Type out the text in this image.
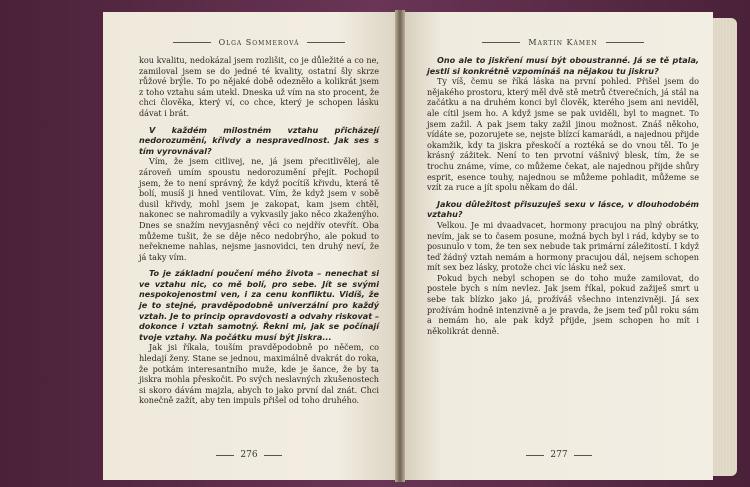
Olga Sommerová

kou kvalitu, nedokázal jsem rozlišit, co je důležité a co ne, zamiloval jsem se do jedné té kvality, ostatní šly skrze růžové brýle. To po nějaké době odezněło a kolikrát jsem z toho vztahu sám utekl. Dneska už vím na sto procent, že chci člověka, který ví, co chce, který je schopen lásku dávat i brát.

V každém milostném vztahu přicházejí nedorozumění, křivdy a nespravedlnost. Jak ses s tím vyrovnával?

Vím, že jsem citlivej, ne, já jsem přecitlivělej, ale zároveň umím spoustu nedorozumění přejít. Pochopil jsem, že to není správný, že když pocítíš křivdu, která tě bolí, musíš ji hned ventilovat. Vím, že když jsem v sobě dusil křivdy, mohl jsem je zakopat, kam jsem chtěl, nakonec se nahromadily a vykvasily jako něco zkaženýho. Dnes se snažím nevyjasněný věci co nejdřív otevřít. Oba můžeme tušit, že se děje něco nedobrýho, ale pokud to neřekneme nahlas, nejsme jasnovidci, ten druhý neví, že já taky vím.

To je základní poučení mého života – nenechat si ve vztahu nic, co mě bolí, pro sebe. Jít se svými nespokojenostmi ven, i za cenu konfliktu. Vidíš, že je to stejné, pravděpodobně univerzální pro každý vztah. Je to princip opravdovosti a odvahy riskovat – dokonce i vztah samotný. Řekni mi, jak se počínají tvoje vztahy. Na počátku musí být jiskra...

Jak jsi říkala, touším pravděpodobně po něčem, co hledají ženy. Stane se jednou, maximálně dvakrát do roka, že potkám interesantního muže, kde je šance, že by ta jiskra mohla přeskočit. Po svých neslavných zkušenostech si skoro dávám majzla, abych to jako první dal znát. Chci konečně zažít, aby ten impuls přišel od toho druhého.

276
Martin Kámen

Ono ale to jiskření musí být oboustranné. Já se tě ptala, jestli si konkrétně vzpomínáš na nějakou tu jiskru?

Ty víš, čemu se říká láska na první pohled. Přišel jsem do nějakého prostoru, který měl dvě stě metrů čtverečních, já stál na začátku a na druhém konci byl člověk, kterého jsem ani neviděl, ale cítil jsem ho. A když jsme se pak uviděli, byl to magnet. To jsem zažil. A pak jsem taky zažil jinou možnost. Znáš někoho, vídáte se, pozorujete se, nejste blízcí kamarádi, a najednou přijde okamžik, kdy ta jiskra přeskočí a roztéká se do vnou těl. To je krásný zážitek. Není to ten prvotní vášnivý blesk, tím, že se trochu známe, víme, co můžeme čekat, ale najednou přijde shůry esprit, esence touhy, najednou se můžeme pohladit, můžeme se vzít za ruce a jít spolu někam do dál.

Jakou důležitost přisuzuješ sexu v lásce, v dlouhodobém vztahu?

Velkou. Je mi dvaadvacet, hormony pracujou na plný obrátky, nevím, jak se to časem posune, možná bych byl i rád, kdyby se to posunulo v tom, že ten sex nebude tak primární záležitostí. I když teď žádný vztah nemám a hormony pracujou dál, nejsem schopen mít sex bez lásky, protože chci víc lásku než sex.

Pokud bych nebyl schopen se do toho muže zamilovat, do postele bych s ním nevlez. Jak jsem říkal, pokud zažiješ smrt u sebe tak blízko jako já, prožíváš všechno intenzivněji. Já sex prožívám hodně intenzivně a je pravda, že jsem teď půl roku sám a nemám ho, ale pak když přijde, jsem schopen ho mít i několikrát denně.

277
